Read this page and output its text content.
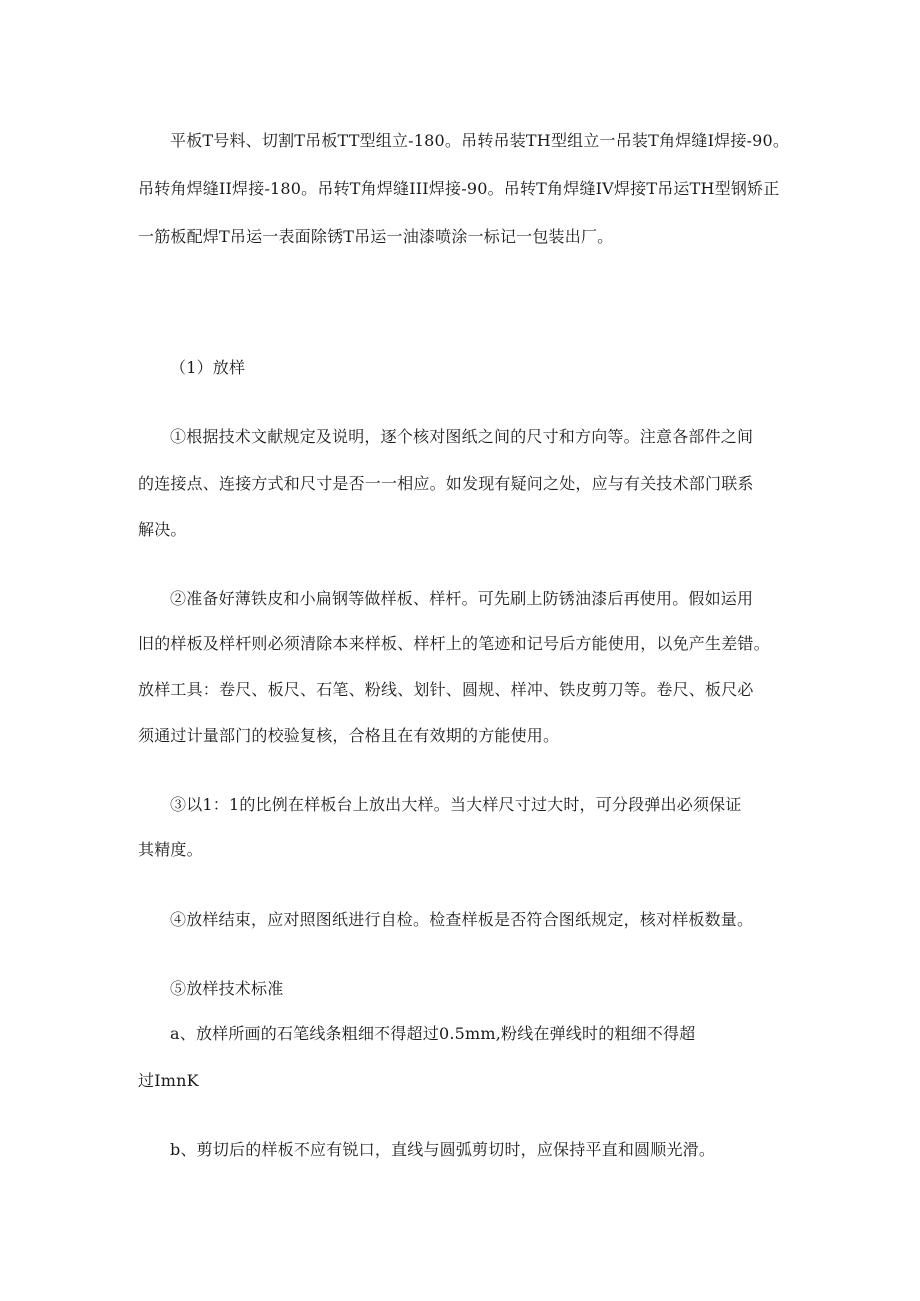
平板T号料、切割T吊板TT型组立-180。吊转吊装TH型组立一吊装T角焊缝I焊接-90。
吊转角焊缝II焊接-180。吊转T角焊缝III焊接-90。吊转T角焊缝IV焊接T吊运TH型钢矫正
一筋板配焊T吊运一表面除锈T吊运一油漆喷涂一标记一包装出厂。
（1）放样
①根据技术文献规定及说明，逐个核对图纸之间的尺寸和方向等。注意各部件之间
的连接点、连接方式和尺寸是否一一相应。如发现有疑问之处，应与有关技术部门联系
解决。
②准备好薄铁皮和小扁钢等做样板、样杆。可先刷上防锈油漆后再使用。假如运用
旧的样板及样杆则必须清除本来样板、样杆上的笔迹和记号后方能使用，以免产生差错。
放样工具：卷尺、板尺、石笔、粉线、划针、圆规、样冲、铁皮剪刀等。卷尺、板尺必
须通过计量部门的校验复核，合格且在有效期的方能使用。
③以1：1的比例在样板台上放出大样。当大样尺寸过大时，可分段弹出必须保证
其精度。
④放样结束，应对照图纸进行自检。检查样板是否符合图纸规定，核对样板数量。
⑤放样技术标准
a、放样所画的石笔线条粗细不得超过0.5mm,粉线在弹线时的粗细不得超
过ImnK
b、剪切后的样板不应有锐口，直线与圆弧剪切时，应保持平直和圆顺光滑。
